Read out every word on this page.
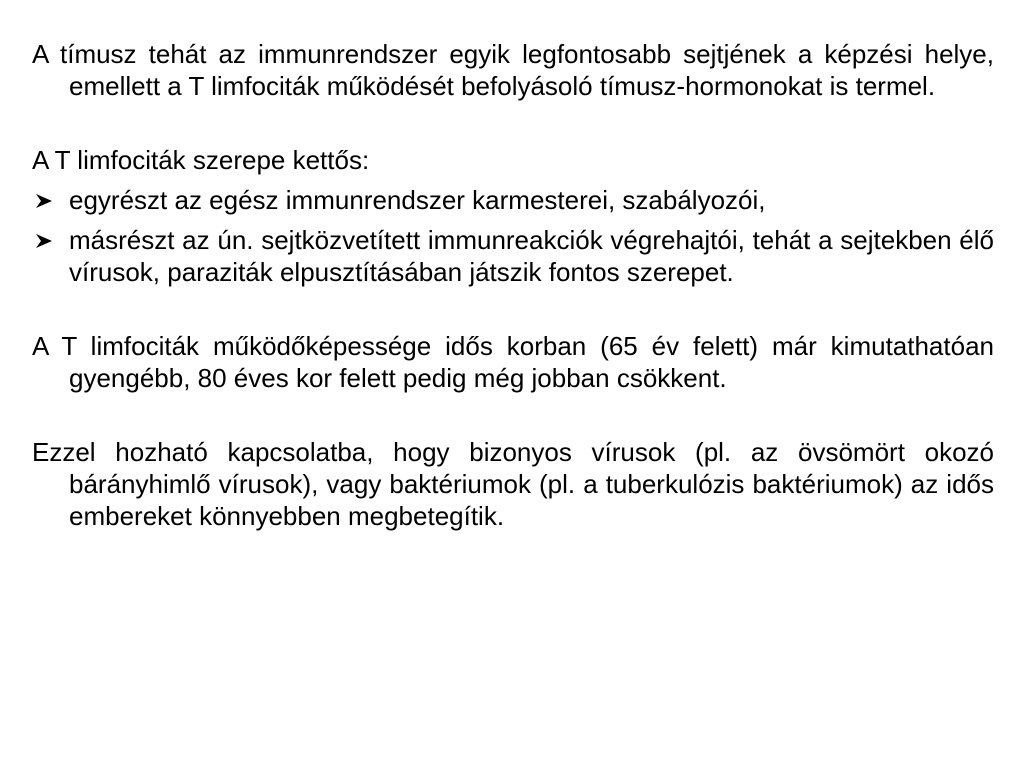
A tímusz tehát az immunrendszer egyik legfontosabb sejtjének a képzési helye, emellett a T limfociták működését befolyásoló tímusz-hormonokat is termel.

A T limfociták szerepe kettős:

egyrészt az egész immunrendszer karmesterei, szabályozói,
másrészt az ún. sejtközvetített immunreakciók végrehajtói, tehát a sejtekben élő vírusok, paraziták elpusztításában játszik fontos szerepet.

A T limfociták működőképessége idős korban (65 év felett) már kimutathatóan gyengébb, 80 éves kor felett pedig még jobban csökkent.

Ezzel hozható kapcsolatba, hogy bizonyos vírusok (pl. az övsömört okozó bárányhimlő vírusok), vagy baktériumok (pl. a tuberkulózis baktériumok) az idős embereket könnyebben megbetegítik.
